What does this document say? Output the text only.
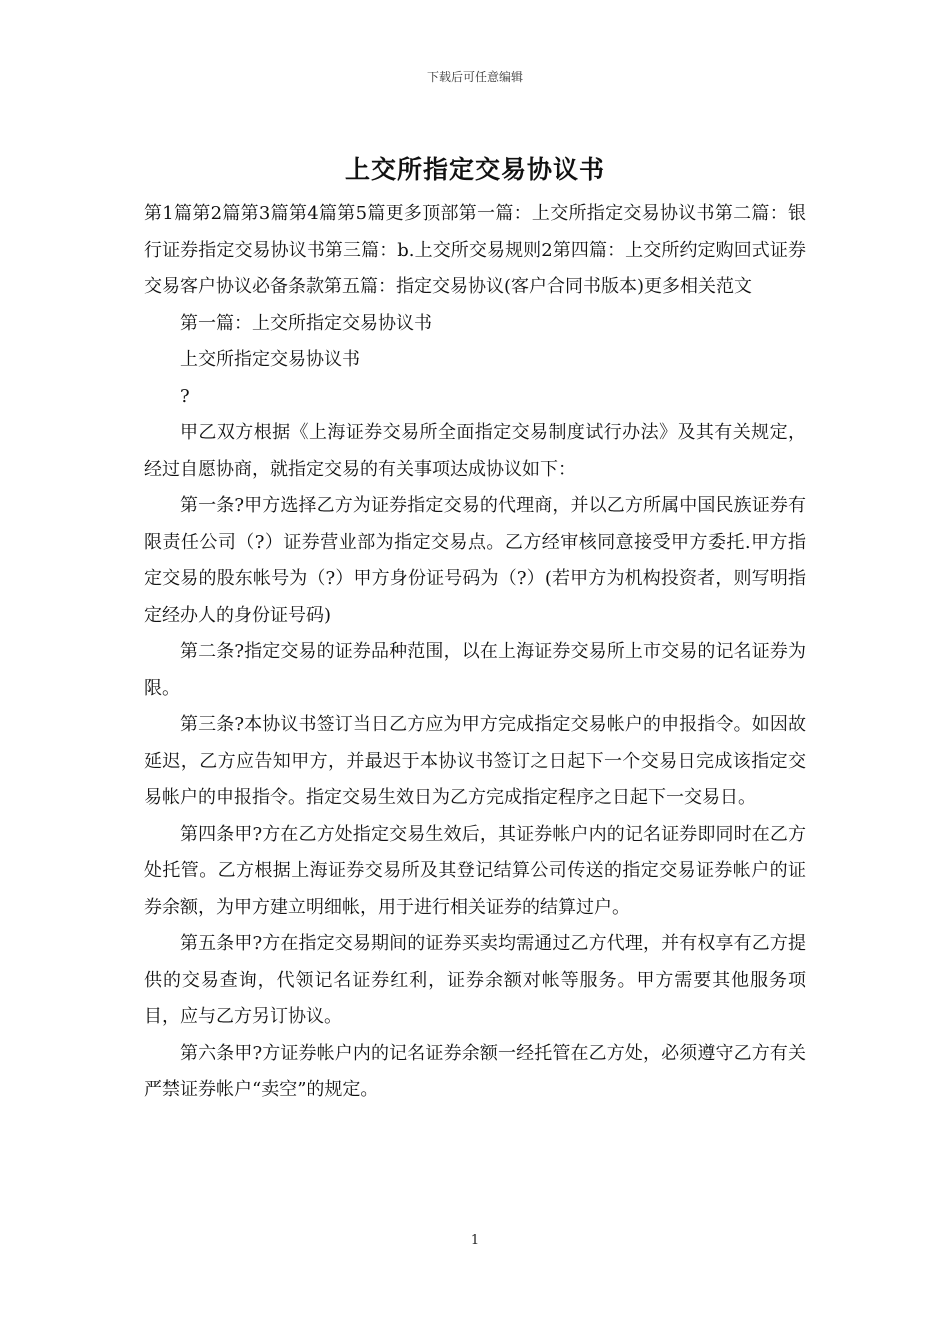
下载后可任意编辑
上交所指定交易协议书

第1篇第2篇第3篇第4篇第5篇更多顶部第一篇：上交所指定交易协议书第二篇：银行证券指定交易协议书第三篇：b.上交所交易规则2第四篇：上交所约定购回式证券交易客户协议必备条款第五篇：指定交易协议(客户合同书版本)更多相关范文

第一篇：上交所指定交易协议书

上交所指定交易协议书

?

甲乙双方根据《上海证券交易所全面指定交易制度试行办法》及其有关规定，经过自愿协商，就指定交易的有关事项达成协议如下：

第一条?甲方选择乙方为证券指定交易的代理商，并以乙方所属中国民族证券有限责任公司（?）证券营业部为指定交易点。乙方经审核同意接受甲方委托.甲方指定交易的股东帐号为（?）甲方身份证号码为（?）(若甲方为机构投资者，则写明指定经办人的身份证号码)

第二条?指定交易的证券品种范围，以在上海证券交易所上市交易的记名证券为限。

第三条?本协议书签订当日乙方应为甲方完成指定交易帐户的申报指令。如因故延迟，乙方应告知甲方，并最迟于本协议书签订之日起下一个交易日完成该指定交易帐户的申报指令。指定交易生效日为乙方完成指定程序之日起下一交易日。

第四条甲?方在乙方处指定交易生效后，其证券帐户内的记名证券即同时在乙方处托管。乙方根据上海证券交易所及其登记结算公司传送的指定交易证券帐户的证券余额，为甲方建立明细帐，用于进行相关证券的结算过户。

第五条甲?方在指定交易期间的证券买卖均需通过乙方代理，并有权享有乙方提供的交易查询，代领记名证券红利，证券余额对帐等服务。甲方需要其他服务项目，应与乙方另订协议。

第六条甲?方证券帐户内的记名证券余额一经托管在乙方处，必须遵守乙方有关严禁证券帐户“卖空”的规定。

1
